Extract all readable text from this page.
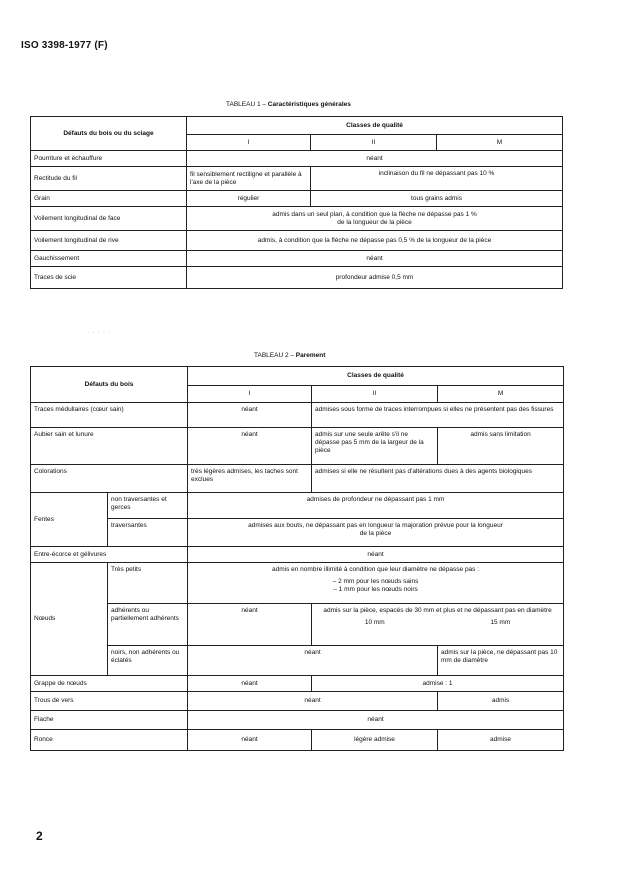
ISO 3398-1977 (F)
TABLEAU 1 – Caractéristiques générales
Défauts du bois ou du sciage	Classes de qualité		
	I	II	M
Pourriture et échauffure	néant		
Rectitude du fil	fil sensiblement rectiligne et parallèle à l'axe de la pièce	inclinaison du fil ne dépassant pas 10 %	
Grain	régulier	tous grains admis	
Voilement longitudinal de face	admis dans un seul plan, à condition que la flèche ne dépasse pas 1 %
de la longueur de la pièce		

Voilement longitudinal de rive	admis, à condition que la flèche ne dépasse pas 0,5 % de la longueur de la pièce		
Gauchissement	néant		
Traces de scie	profondeur admise 0,5 mm		
· · · · ·
TABLEAU 2 – Parement
Défauts du bois		Classes de qualité		
		I	II	M
Traces médullaires (cœur sain)		néant	admises sous forme de traces interrompues si elles ne présentent pas des fissures	
Aubier sain et lunure		néant	admis sur une seule arête s'il ne dépasse pas 5 mm de la largeur de la pièce	admis sans limitation
Colorations		très légères admises, les taches sont exclues	admises si elle ne résultent pas d'altérations dues à des agents biologiques	
Fentes	non traversantes et gerces	admises de profondeur ne dépassant pas 1 mm		
	traversantes	admises aux bouts, ne dépassant pas en longueur la majoration prévue pour la longueur
de la pièce		

Entre-écorce et gélivures		néant		
Nœuds	Très petits	admis en nombre illimité à condition que leur diamètre ne dépasse pas :
– 2 mm pour les nœuds sains
– 1 mm pour les nœuds noirs		

	adhérents ou partiellement adhérents	néant	admis sur la pièce, espacés de 30 mm et plus et ne dépassant pas en diamètre
10 mm 15 mm	

	noirs, non adhérents ou éclatés	néant		admis sur la pièce, ne dépassant pas 10 mm de diamètre
Grappe de nœuds		néant	admise : 1	
Trous de vers		néant		admis
Flache		néant		
Ronce		néant	légère admise	admise
2
